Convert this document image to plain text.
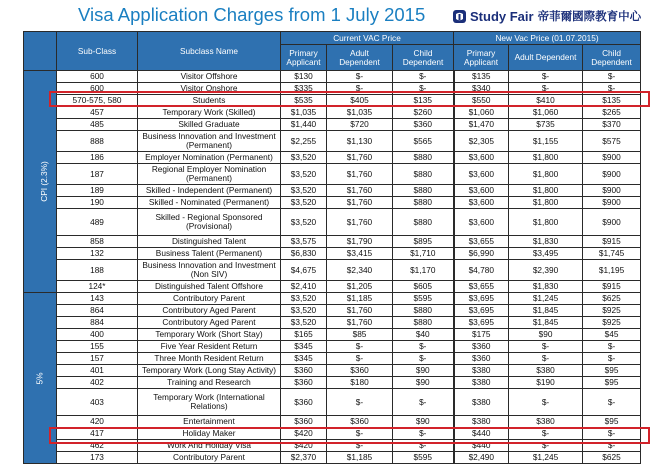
Visa Application Charges from 1 July 2015	Study Fair 帝菲爾國際教育中心
	Sub-Class	Subclass Name	Current VAC Price			New Vac Price (01.07.2015)		
			Primary Applicant	Adult Dependent	Child Dependent	Primary Applicant	Adult Dependent	Child Dependent
CPI (2.3%)	600	Visitor Offshore	$130	$-	$-	$135	$-	$-
	600	Visitor Onshore	$335	$-	$-	$340	$-	$-
	570-575, 580	Students	$535	$405	$135	$550	$410	$135
	457	Temporary Work (Skilled)	$1,035	$1,035	$260	$1,060	$1,060	$265
	485	Skilled Graduate	$1,440	$720	$360	$1,470	$735	$370
	888	Business Innovation and Investment (Permanent)	$2,255	$1,130	$565	$2,305	$1,155	$575
	186	Employer Nomination (Permanent)	$3,520	$1,760	$880	$3,600	$1,800	$900
	187	Regional Employer Nomination (Permanent)	$3,520	$1,760	$880	$3,600	$1,800	$900
	189	Skilled - Independent (Permanent)	$3,520	$1,760	$880	$3,600	$1,800	$900
	190	Skilled - Nominated (Permanent)	$3,520	$1,760	$880	$3,600	$1,800	$900
	489	Skilled - Regional Sponsored (Provisional)	$3,520	$1,760	$880	$3,600	$1,800	$900
	858	Distinguished Talent	$3,575	$1,790	$895	$3,655	$1,830	$915
	132	Business Talent (Permanent)	$6,830	$3,415	$1,710	$6,990	$3,495	$1,745
	188	Business Innovation and Investment (Non SIV)	$4,675	$2,340	$1,170	$4,780	$2,390	$1,195
	124*	Distinguished Talent Offshore	$2,410	$1,205	$605	$3,655	$1,830	$915
5%	143	Contributory Parent	$3,520	$1,185	$595	$3,695	$1,245	$625
	864	Contributory Aged Parent	$3,520	$1,760	$880	$3,695	$1,845	$925
	884	Contributory Aged Parent	$3,520	$1,760	$880	$3,695	$1,845	$925
	400	Temporary Work (Short Stay)	$165	$85	$40	$175	$90	$45
	155	Five Year Resident Return	$345	$-	$-	$360	$-	$-
	157	Three Month Resident Return	$345	$-	$-	$360	$-	$-
	401	Temporary Work (Long Stay Activity)	$360	$360	$90	$380	$380	$95
	402	Training and Research	$360	$180	$90	$380	$190	$95
	403	Temporary Work (International Relations)	$360	$-	$-	$380	$-	$-
	420	Entertainment	$360	$360	$90	$380	$380	$95
	417	Holiday Maker	$420	$-	$-	$440	$-	$-
	462	Work And Holiday Visa	$420	$-	$-	$440	$-	$-
	173	Contributory Parent	$2,370	$1,185	$595	$2,490	$1,245	$625
